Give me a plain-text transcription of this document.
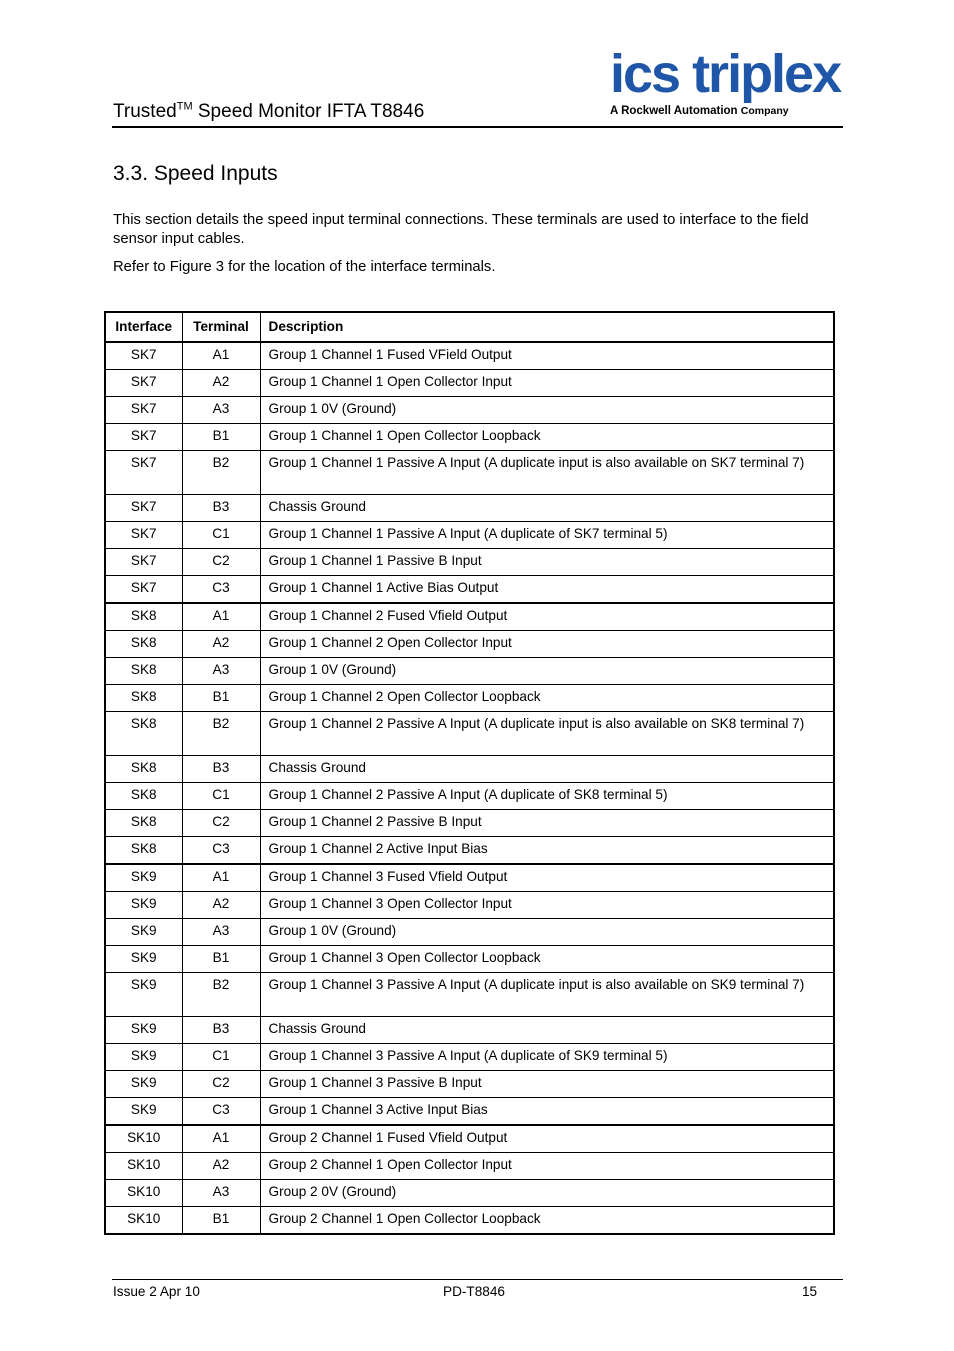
Trusted™ Speed Monitor IFTA T8846
ics triplex
A Rockwell Automation Company
3.3. Speed Inputs
This section details the speed input terminal connections. These terminals are used to interface to the field sensor input cables.
Refer to Figure 3 for the location of the interface terminals.
Interface	Terminal	Description
SK7	A1	Group 1 Channel 1 Fused VField Output
SK7	A2	Group 1 Channel 1 Open Collector Input
SK7	A3	Group 1 0V (Ground)
SK7	B1	Group 1 Channel 1 Open Collector Loopback
SK7	B2	Group 1 Channel 1 Passive A Input (A duplicate input is also available on SK7 terminal 7)
SK7	B3	Chassis Ground
SK7	C1	Group 1 Channel 1 Passive A Input (A duplicate of SK7 terminal 5)
SK7	C2	Group 1 Channel 1 Passive B Input
SK7	C3	Group 1 Channel 1 Active Bias Output
SK8	A1	Group 1 Channel 2 Fused Vfield Output
SK8	A2	Group 1 Channel 2 Open Collector Input
SK8	A3	Group 1 0V (Ground)
SK8	B1	Group 1 Channel 2 Open Collector Loopback
SK8	B2	Group 1 Channel 2 Passive A Input (A duplicate input is also available on SK8 terminal 7)
SK8	B3	Chassis Ground
SK8	C1	Group 1 Channel 2 Passive A Input (A duplicate of SK8 terminal 5)
SK8	C2	Group 1 Channel 2 Passive B Input
SK8	C3	Group 1 Channel 2 Active Input Bias
SK9	A1	Group 1 Channel 3 Fused Vfield Output
SK9	A2	Group 1 Channel 3 Open Collector Input
SK9	A3	Group 1 0V (Ground)
SK9	B1	Group 1 Channel 3 Open Collector Loopback
SK9	B2	Group 1 Channel 3 Passive A Input (A duplicate input is also available on SK9 terminal 7)
SK9	B3	Chassis Ground
SK9	C1	Group 1 Channel 3 Passive A Input (A duplicate of SK9 terminal 5)
SK9	C2	Group 1 Channel 3 Passive B Input
SK9	C3	Group 1 Channel 3 Active Input Bias
SK10	A1	Group 2 Channel 1 Fused Vfield Output
SK10	A2	Group 2 Channel 1 Open Collector Input
SK10	A3	Group 2 0V (Ground)
SK10	B1	Group 2 Channel 1 Open Collector Loopback
Issue 2 Apr 10	PD-T8846	15
